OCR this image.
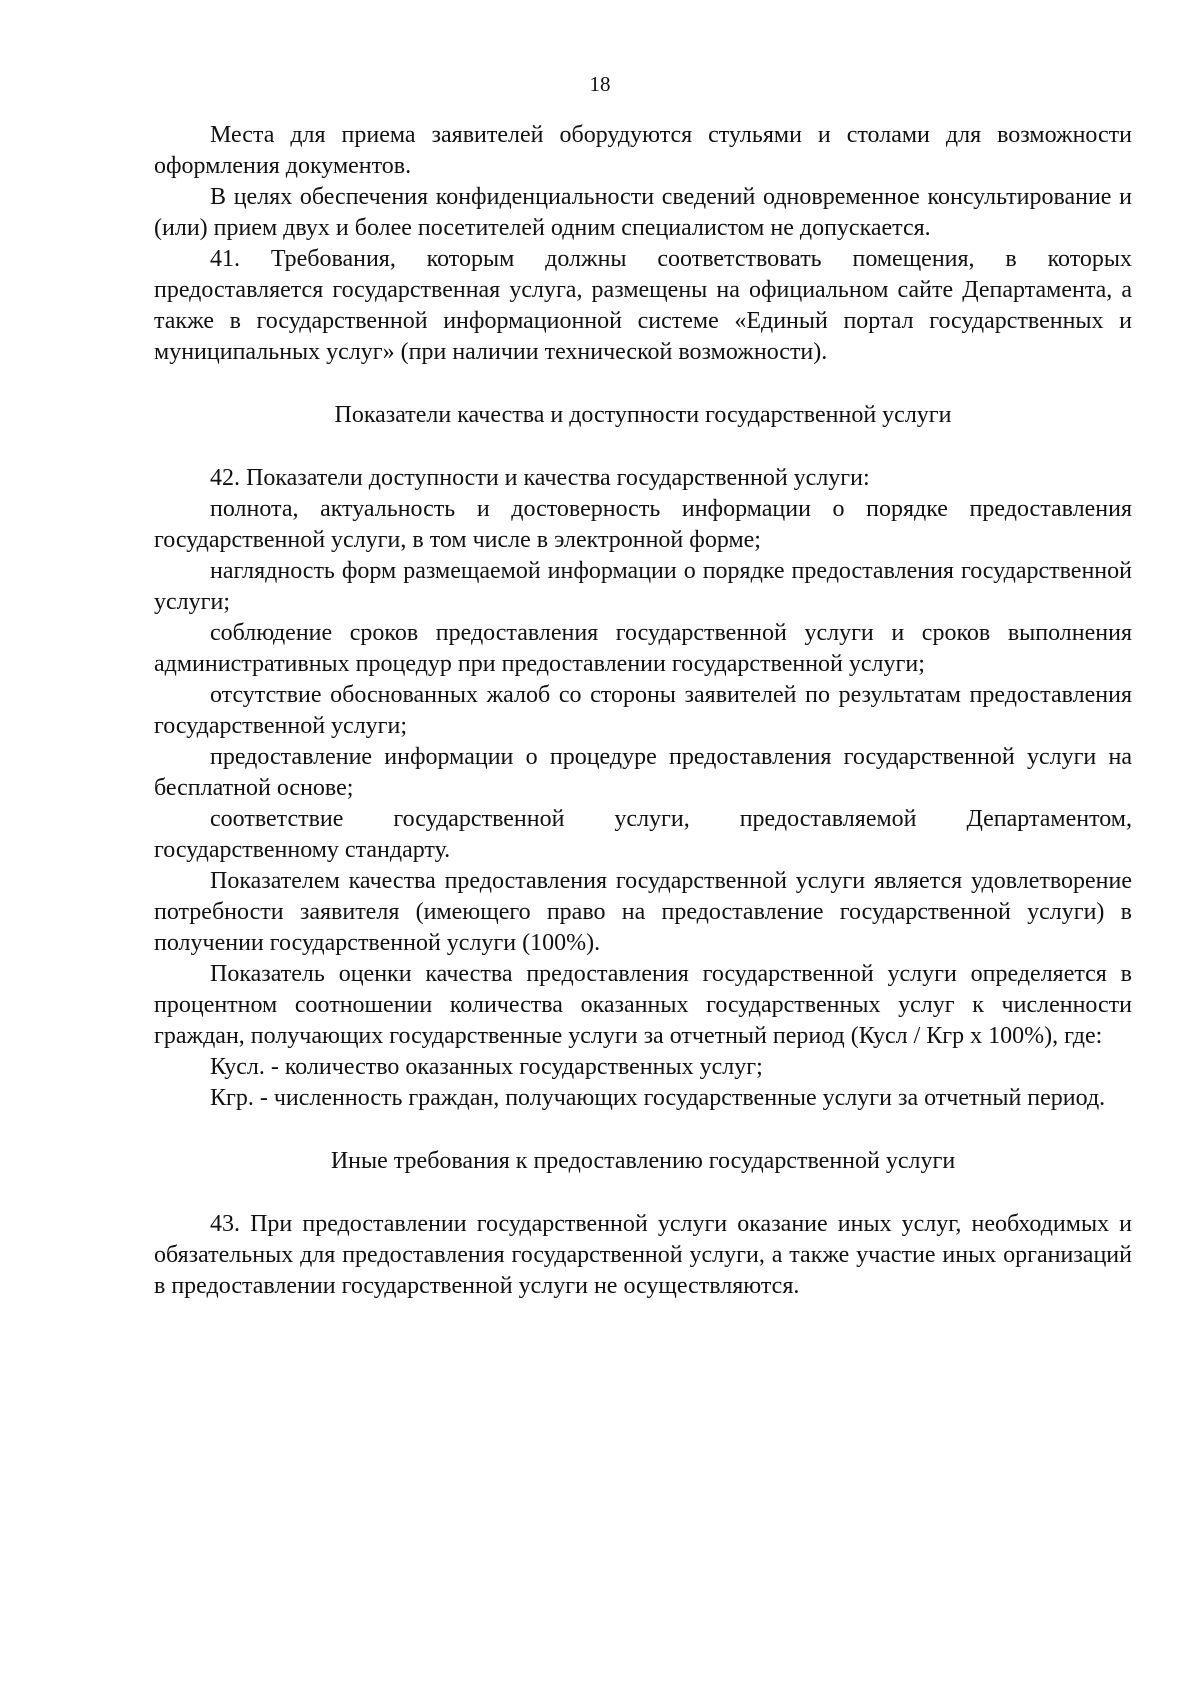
18

Места для приема заявителей оборудуются стульями и столами для возможности оформления документов.

В целях обеспечения конфиденциальности сведений одновременное консультирование и (или) прием двух и более посетителей одним специалистом не допускается.

41. Требования, которым должны соответствовать помещения, в которых предоставляется государственная услуга, размещены на официальном сайте Департамента, а также в государственной информационной системе «Единый портал государственных и муниципальных услуг» (при наличии технической возможности).

Показатели качества и доступности государственной услуги

42. Показатели доступности и качества государственной услуги:

полнота, актуальность и достоверность информации о порядке предоставления государственной услуги, в том числе в электронной форме;

наглядность форм размещаемой информации о порядке предоставления государственной услуги;

соблюдение сроков предоставления государственной услуги и сроков выполнения административных процедур при предоставлении государственной услуги;

отсутствие обоснованных жалоб со стороны заявителей по результатам предоставления государственной услуги;

предоставление информации о процедуре предоставления государственной услуги на бесплатной основе;

соответствие государственной услуги, предоставляемой Департаментом, государственному стандарту.

Показателем качества предоставления государственной услуги является удовлетворение потребности заявителя (имеющего право на предоставление государственной услуги) в получении государственной услуги (100%).

Показатель оценки качества предоставления государственной услуги определяется в процентном соотношении количества оказанных государственных услуг к численности граждан, получающих государственные услуги за отчетный период (Кусл / Кгр х 100%), где:

Кусл. - количество оказанных государственных услуг;

Кгр. - численность граждан, получающих государственные услуги за отчетный период.

Иные требования к предоставлению государственной услуги

43. При предоставлении государственной услуги оказание иных услуг, необходимых и обязательных для предоставления государственной услуги, а также участие иных организаций в предоставлении государственной услуги не осуществляются.
